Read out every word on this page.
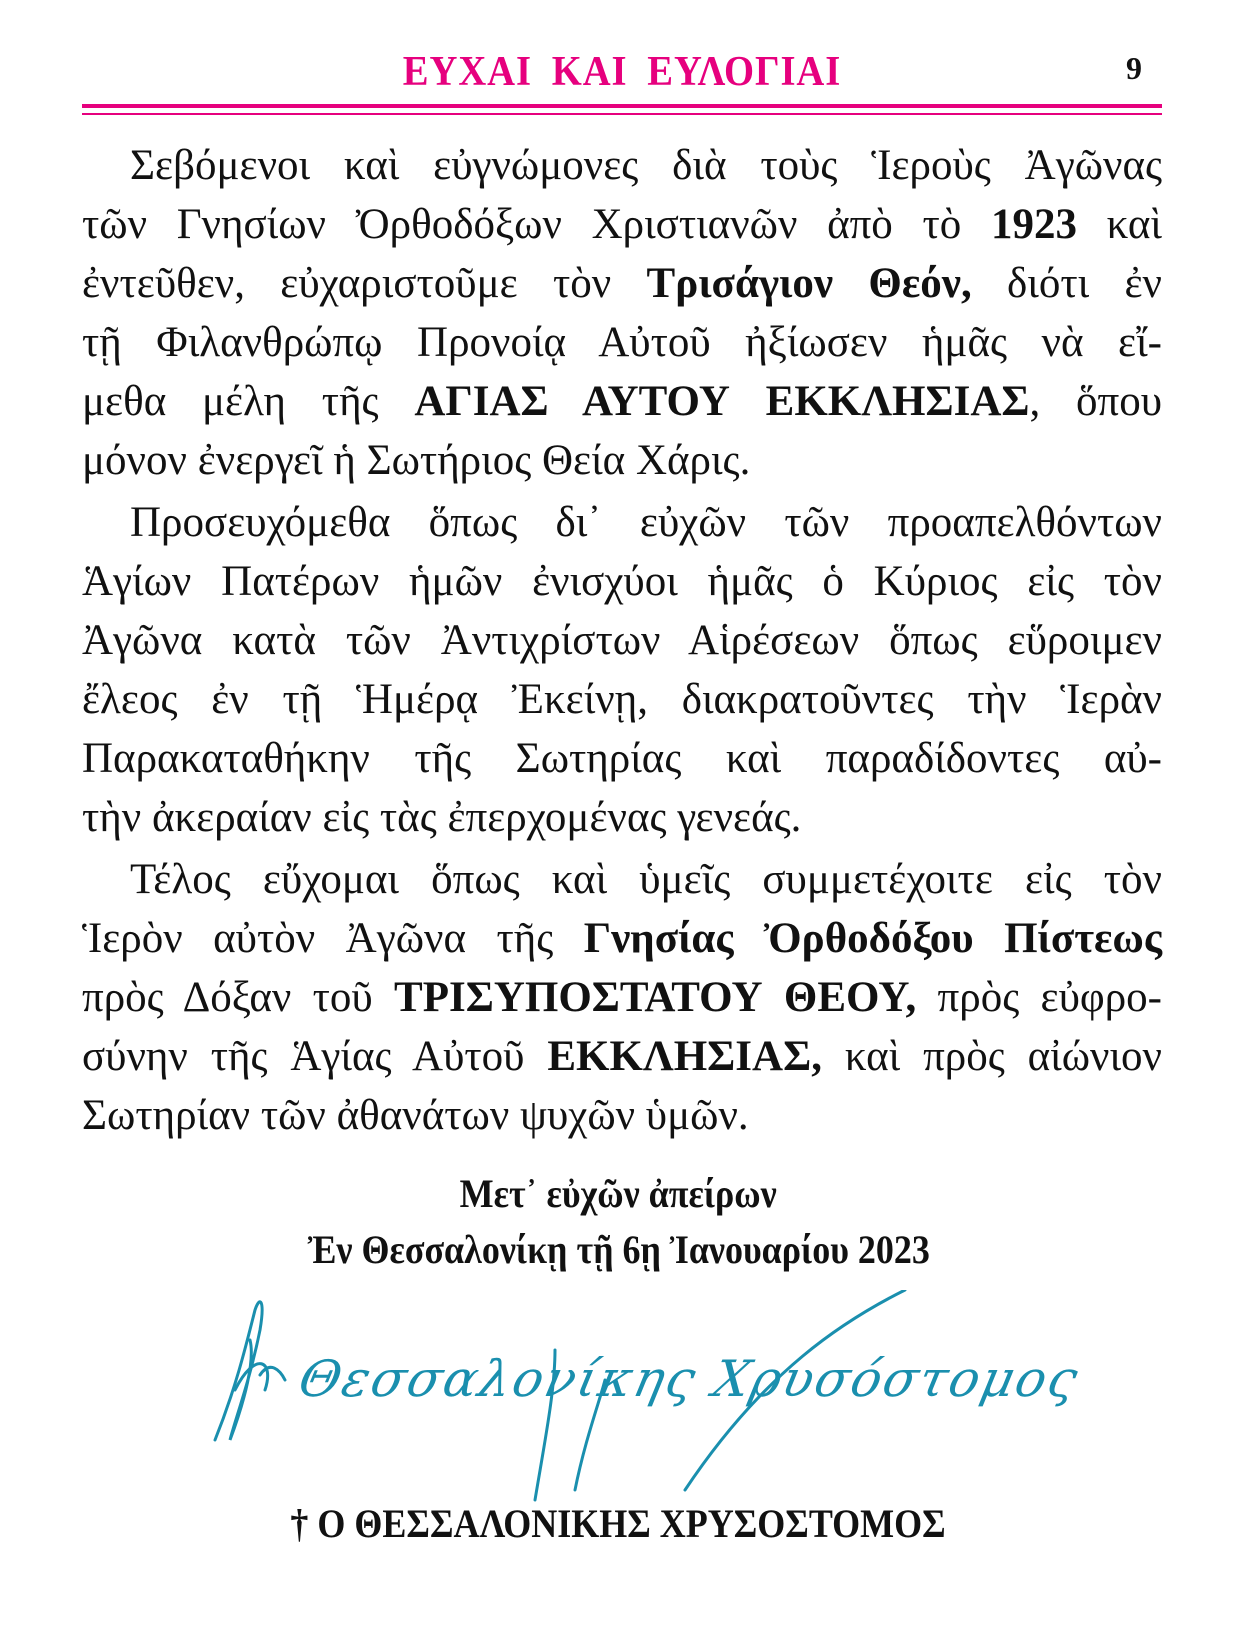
ΕΥΧΑΙ ΚΑΙ ΕΥΛΟΓΙΑΙ	9
Σεβόμενοι καὶ εὐγνώμονες διὰ τοὺς Ἱεροὺς Ἀγῶνας
τῶν Γνησίων Ὀρθοδόξων Χριστιανῶν ἀπὸ τὸ 1923 καὶ
ἐντεῦθεν, εὐχαριστοῦμε τὸν Τρισάγιον Θεόν, διότι ἐν
τῇ Φιλανθρώπῳ Προνοίᾳ Αὐτοῦ ἠξίωσεν ἡμᾶς νὰ εἴ-
μεθα μέλη τῆς ΑΓΙΑΣ ΑΥΤΟΥ ΕΚΚΛΗΣΙΑΣ, ὅπου
μόνον ἐνεργεῖ ἡ Σωτήριος Θεία Χάρις.
Προσευχόμεθα ὅπως δι᾽ εὐχῶν τῶν προαπελθόντων
Ἁγίων Πατέρων ἡμῶν ἐνισχύοι ἡμᾶς ὁ Κύριος εἰς τὸν
Ἀγῶνα κατὰ τῶν Ἀντιχρίστων Αἱρέσεων ὅπως εὕροιμεν
ἔλεος ἐν τῇ Ἡμέρᾳ Ἐκείνῃ, διακρατοῦντες τὴν Ἱερὰν
Παρακαταθήκην τῆς Σωτηρίας καὶ παραδίδοντες αὐ-
τὴν ἀκεραίαν εἰς τὰς ἐπερχομένας γενεάς.
Τέλος εὔχομαι ὅπως καὶ ὑμεῖς συμμετέχοιτε εἰς τὸν
Ἱερὸν αὐτὸν Ἀγῶνα τῆς Γνησίας Ὀρθοδόξου Πίστεως
πρὸς Δόξαν τοῦ ΤΡΙΣΥΠΟΣΤΑΤΟΥ ΘΕΟΥ, πρὸς εὐφρο-
σύνην τῆς Ἁγίας Αὐτοῦ ΕΚΚΛΗΣΙΑΣ, καὶ πρὸς αἰώνιον
Σωτηρίαν τῶν ἀθανάτων ψυχῶν ὑμῶν.
Μετ᾽ εὐχῶν ἀπείρων
Ἐν Θεσσαλονίκῃ τῇ 6ῃ Ἰανουαρίου 2023
Θεσσαλονίκης Χρυσόστομος
† Ο ΘΕΣΣΑΛΟΝΙΚΗΣ ΧΡΥΣΟΣΤΟΜΟΣ
